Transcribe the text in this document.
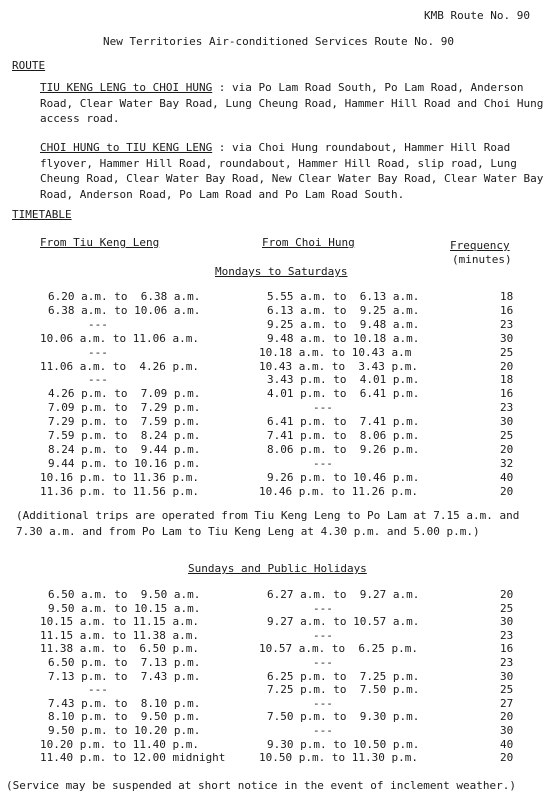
KMB Route No. 90
New Territories Air-conditioned Services Route No. 90
ROUTE
TIU KENG LENG to CHOI HUNG : via Po Lam Road South, Po Lam Road, Anderson Road, Clear Water Bay Road, Lung Cheung Road, Hammer Hill Road and Choi Hung access road.
CHOI HUNG to TIU KENG LENG : via Choi Hung roundabout, Hammer Hill Road flyover, Hammer Hill Road, roundabout, Hammer Hill Road, slip road, Lung Cheung Road, Clear Water Bay Road, New Clear Water Bay Road, Clear Water Bay Road, Anderson Road, Po Lam Road and Po Lam Road South.
TIMETABLE
From Tiu Keng Leng	From Choi Hung	Frequency
(minutes)
Mondays to Saturdays
6.20 a.m. to  6.38 a.m.	5.55 a.m. to  6.13 a.m.	18
6.38 a.m. to 10.06 a.m.	6.13 a.m. to  9.25 a.m.	16
---	9.25 a.m. to  9.48 a.m.	23
10.06 a.m. to 11.06 a.m.	9.48 a.m. to 10.18 a.m.	30
---	10.18 a.m. to 10.43 a.m	25
11.06 a.m. to  4.26 p.m.	10.43 a.m. to  3.43 p.m.	20
---	3.43 p.m. to  4.01 p.m.	18
4.26 p.m. to  7.09 p.m.	4.01 p.m. to  6.41 p.m.	16
7.09 p.m. to  7.29 p.m.	---	23
7.29 p.m. to  7.59 p.m.	6.41 p.m. to  7.41 p.m.	30
7.59 p.m. to  8.24 p.m.	7.41 p.m. to  8.06 p.m.	25
8.24 p.m. to  9.44 p.m.	8.06 p.m. to  9.26 p.m.	20
9.44 p.m. to 10.16 p.m.	---	32
10.16 p.m. to 11.36 p.m.	9.26 p.m. to 10.46 p.m.	40
11.36 p.m. to 11.56 p.m.	10.46 p.m. to 11.26 p.m.	20
(Additional trips are operated from Tiu Keng Leng to Po Lam at 7.15 a.m. and 7.30 a.m. and from Po Lam to Tiu Keng Leng at 4.30 p.m. and 5.00 p.m.)
Sundays and Public Holidays
6.50 a.m. to  9.50 a.m.	6.27 a.m. to  9.27 a.m.	20
9.50 a.m. to 10.15 a.m.	---	25
10.15 a.m. to 11.15 a.m.	9.27 a.m. to 10.57 a.m.	30
11.15 a.m. to 11.38 a.m.	---	23
11.38 a.m. to  6.50 p.m.	10.57 a.m. to  6.25 p.m.	16
6.50 p.m. to  7.13 p.m.	---	23
7.13 p.m. to  7.43 p.m.	6.25 p.m. to  7.25 p.m.	30
---	7.25 p.m. to  7.50 p.m.	25
7.43 p.m. to  8.10 p.m.	---	27
8.10 p.m. to  9.50 p.m.	7.50 p.m. to  9.30 p.m.	20
9.50 p.m. to 10.20 p.m.	---	30
10.20 p.m. to 11.40 p.m.	9.30 p.m. to 10.50 p.m.	40
11.40 p.m. to 12.00 midnight	10.50 p.m. to 11.30 p.m.	20
(Service may be suspended at short notice in the event of inclement weather.)
